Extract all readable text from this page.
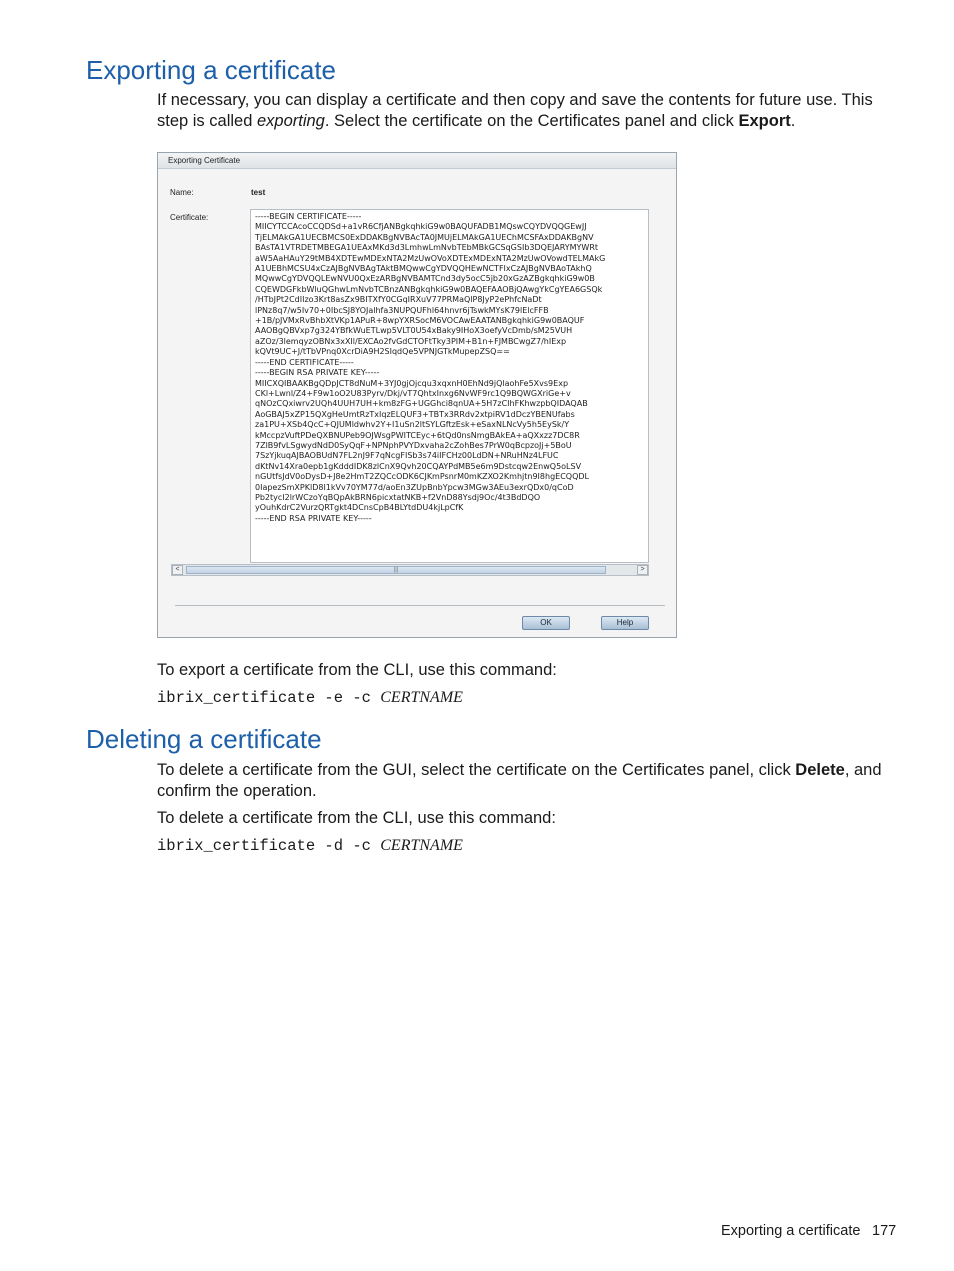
Exporting a certificate

If necessary, you can display a certificate and then copy and save the contents for future use. This step is called exporting. Select the certificate on the Certificates panel and click Export.

Exporting Certificate
Name:	test
Certificate:	-----BEGIN CERTIFICATE-----
MIICYTCCAcoCCQDSd+a1vR6CfjANBgkqhkiG9w0BAQUFADB1MQswCQYDVQQGEwJJ
TjELMAkGA1UECBMCS0ExDDAKBgNVBAcTA0JMUjELMAkGA1UEChMCSFAxDDAKBgNV
BAsTA1VTRDETMBEGA1UEAxMKd3d3LmhwLmNvbTEbMBkGCSqGSIb3DQEJARYMYWRt
aW5AaHAuY29tMB4XDTEwMDExNTA2MzUwOVoXDTExMDExNTA2MzUwOVowdTELMAkG
A1UEBhMCSU4xCzAJBgNVBAgTAktBMQwwCgYDVQQHEwNCTFIxCzAJBgNVBAoTAkhQ
MQwwCgYDVQQLEwNVU0QxEzARBgNVBAMTCnd3dy5ocC5jb20xGzAZBgkqhkiG9w0B
CQEWDGFkbWluQGhwLmNvbTCBnzANBgkqhkiG9w0BAQEFAAOBjQAwgYkCgYEA6GSQk
/HTbJPt2CdIIzo3Krt8asZx9BITXfY0CGqIRXuV77PRMaQlP8JyP2ePhfcNaDt
lPNz8q7/w5Iv70+0IbcSJ8YOJalhfa3NUPQUFhl64hnvr6jTswkMYsK79lElcFFB
+1B/pJVMxRvBhbXtVKp1APuR+8wpYXRSocM6VOCAwEAATANBgkqhkiG9w0BAQUF
AAOBgQBVxp7g324YBfkWuETLwp5VLT0U54xBaky9IHoX3oefyVcDmb/sM25VUH
aZOz/3lemqyzOBNx3xXIl/EXCAo2fvGdCTOFtTky3PIM+B1n+FJMBCwgZ7/hIExp
kQVt9UC+J/tTbVPnq0XcrDiA9H2SIqdQe5VPNJGTkMupepZSQ==
-----END CERTIFICATE-----
-----BEGIN RSA PRIVATE KEY-----
MIICXQIBAAKBgQDpJCT8dNuM+3YJ0gjOjcqu3xqxnH0EhNd9jQlaohFe5Xvs9Exp
CKl+Lwnl/Z4+F9w1oO2U83Pyrv/Dkj/vT7QhtxInxg6NvWF9rc1Q9BQWGXriGe+v
qNOzCQxiwrv2UQh4UUH7UH+km8zFG+UGGhci8qnUA+5H7zCIhFKhwzpbQIDAQAB
AoGBAJ5xZP15QXgHeUmtRzTxIqzELQUF3+TBTx3RRdv2xtpiRV1dDczYBENUfabs
za1PU+XSb4QcC+QJUMldwhv2Y+I1uSn2ltSYLGftzEsk+eSaxNLNcVy5h5EySk/Y
kMccpzVuftPDeQXBNUPeb9OJWsgPWITCEyc+6tQd0nsNmgBAkEA+aQXxzz7DC8R
7ZlB9fvLSgwydNdD0SyQqF+NPNphPVYDxvaha2cZohBes7PrW0qBcpzoJj+5BoU
7SzYjkuqAJBAOBUdN7FL2nJ9F7qNcgFISb3s74iIFCHz00LdDN+NRuHNz4LFUC
dKtNv14Xra0epb1gKdddIDK8zlCnX9Qvh20CQAYPdMB5e6m9Dstcqw2EnwQ5oLSV
nGUtfsJdV0oDysD+J8e2HmT2ZQCcODK6CJKmPsnrM0mKZXO2Kmhjtn9I8hgECQQDL
0IapezSmXPKlD8I1kVv70YM77d/aoEn3ZUpBnbYpcw3MGw3AEu3exrQDx0/qCoD
Pb2tycI2lrWCzoYqBQpAkBRN6picxtatNKB+f2VnD88Ysdj9Oc/4t3BdDQO
yOuhKdrC2VurzQRTgkt4DCnsCpB4BLYtdDU4kjLpCfK
-----END RSA PRIVATE KEY-----
<	|||	>
OK	Help

To export a certificate from the CLI, use this command:

ibrix_certificate -e -c CERTNAME
Deleting a certificate

To delete a certificate from the GUI, select the certificate on the Certificates panel, click Delete, and confirm the operation.

To delete a certificate from the CLI, use this command:

ibrix_certificate -d -c CERTNAME
Exporting a certificate 177
